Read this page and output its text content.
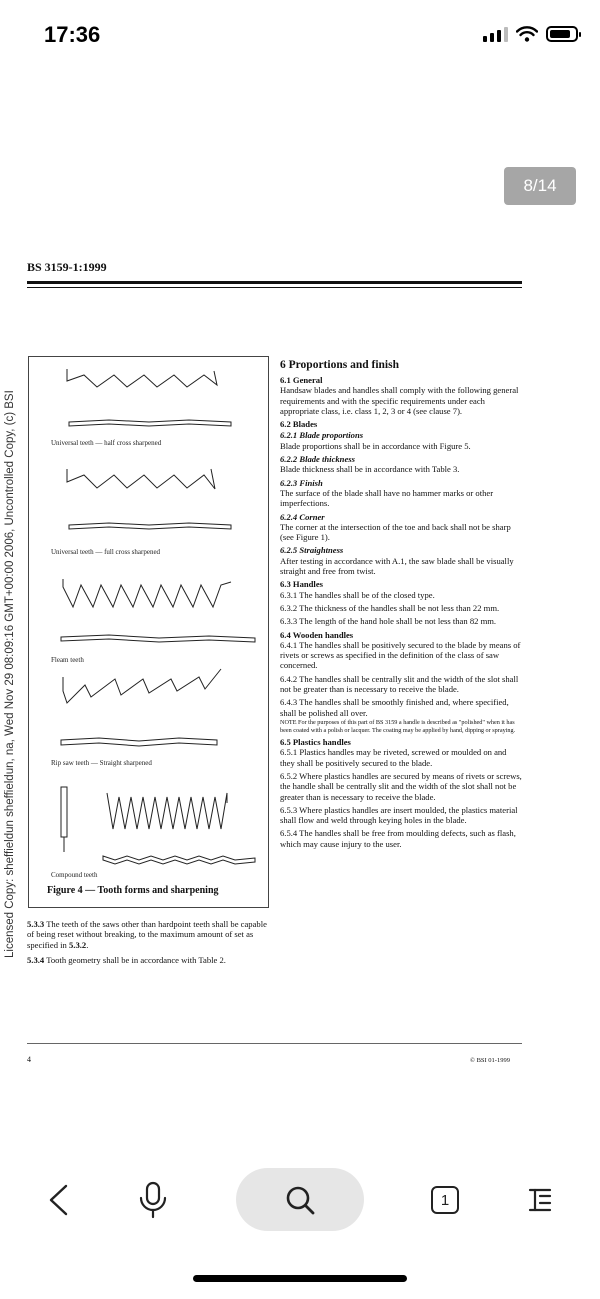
17:36
8/14
BS 3159-1:1999
Licensed Copy: sheffieldun sheffieldun, na, Wed Nov 29 08:09:16 GMT+00:00 2006, Uncontrolled Copy, (c) BSI	Universal teeth — half cross sharpened
Universal teeth — full cross sharpened
Fleam teeth
Rip saw teeth — Straight sharpened
Compound teeth
Figure 4 — Tooth forms and sharpening

5.3.3 The teeth of the saws other than hardpoint teeth shall be capable of being reset without breaking, to the maximum amount of set as specified in 5.3.2.

5.3.4 Tooth geometry shall be in accordance with Table 2.

6 Proportions and finish
6.1 General
Handsaw blades and handles shall comply with the following general requirements and with the specific requirements under each appropriate class, i.e. class 1, 2, 3 or 4 (see clause 7).
6.2 Blades
6.2.1 Blade proportions
Blade proportions shall be in accordance with Figure 5.
6.2.2 Blade thickness
Blade thickness shall be in accordance with Table 3.
6.2.3 Finish
The surface of the blade shall have no hammer marks or other imperfections.
6.2.4 Corner
The corner at the intersection of the toe and back shall not be sharp (see Figure 1).
6.2.5 Straightness
After testing in accordance with A.1, the saw blade shall be visually straight and free from twist.
6.3 Handles
6.3.1 The handles shall be of the closed type.
6.3.2 The thickness of the handles shall be not less than 22 mm.
6.3.3 The length of the hand hole shall be not less than 82 mm.
6.4 Wooden handles
6.4.1 The handles shall be positively secured to the blade by means of rivets or screws as specified in the definition of the class of saw concerned.
6.4.2 The handles shall be centrally slit and the width of the slot shall not be greater than is necessary to receive the blade.
6.4.3 The handles shall be smoothly finished and, where specified, shall be polished all over.
NOTE For the purposes of this part of BS 3159 a handle is described as "polished" when it has been coated with a polish or lacquer. The coating may be applied by hand, dipping or spraying.
6.5 Plastics handles
6.5.1 Plastics handles may be riveted, screwed or moulded on and they shall be positively secured to the blade.
6.5.2 Where plastics handles are secured by means of rivets or screws, the handle shall be centrally slit and the width of the slot shall not be greater than is necessary to receive the blade.
6.5.3 Where plastics handles are insert moulded, the plastics material shall flow and weld through keying holes in the blade.
6.5.4 The handles shall be free from moulding defects, such as flash, which may cause injury to the user.
4	© BSI 01-1999
1
